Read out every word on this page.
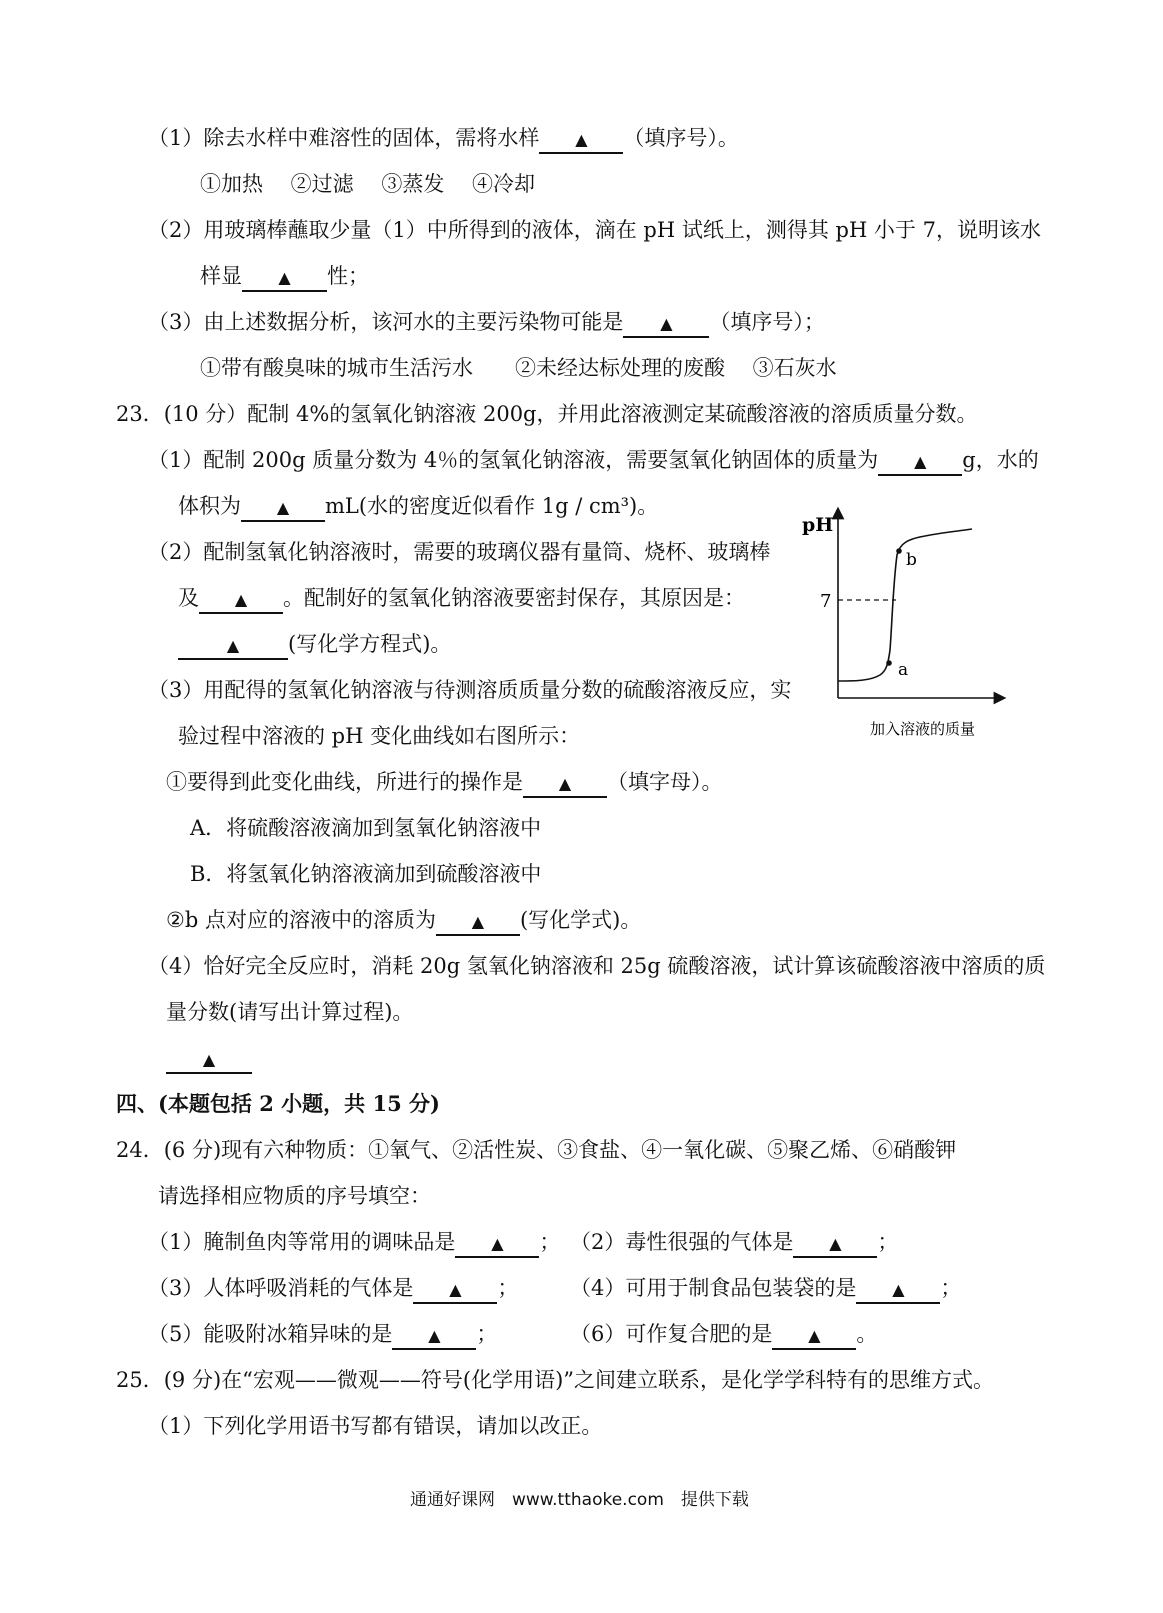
（1）除去水样中难溶性的固体，需将水样 ▲ （填序号）。
①加热　 ②过滤　 ③蒸发　 ④冷却
（2）用玻璃棒蘸取少量（1）中所得到的液体，滴在 pH 试纸上，测得其 pH 小于 7，说明该水
样显 ▲ 性；
（3）由上述数据分析，该河水的主要污染物可能是 ▲ （填序号）；
①带有酸臭味的城市生活污水　　②未经达标处理的废酸　 ③石灰水
23．(10 分）配制 4%的氢氧化钠溶液 200g，并用此溶液测定某硫酸溶液的溶质质量分数。
（1）配制 200g 质量分数为 4％的氢氧化钠溶液，需要氢氧化钠固体的质量为 ▲ g，水的
体积为 ▲ mL(水的密度近似看作 1g / cm³)。
（2）配制氢氧化钠溶液时，需要的玻璃仪器有量筒、烧杯、玻璃棒
及 ▲ 。配制好的氢氧化钠溶液要密封保存，其原因是：
▲ (写化学方程式)。
（3）用配得的氢氧化钠溶液与待测溶质质量分数的硫酸溶液反应，实
验过程中溶液的 pH 变化曲线如右图所示：
①要得到此变化曲线，所进行的操作是 ▲ （填字母）。
A．将硫酸溶液滴加到氢氧化钠溶液中
B．将氢氧化钠溶液滴加到硫酸溶液中
②b 点对应的溶液中的溶质为 ▲ (写化学式)。
（4）恰好完全反应时，消耗 20g 氢氧化钠溶液和 25g 硫酸溶液，试计算该硫酸溶液中溶质的质
量分数(请写出计算过程)。
▲
pH
7
a
b
加入溶液的质量
四、(本题包括 2 小题，共 15 分)
24．(6 分)现有六种物质：①氧气、②活性炭、③食盐、④一氧化碳、⑤聚乙烯、⑥硝酸钾
请选择相应物质的序号填空：
（1）腌制鱼肉等常用的调味品是 ▲ ； （2）毒性很强的气体是 ▲ ；
（3）人体呼吸消耗的气体是 ▲ ； （4）可用于制食品包装袋的是 ▲ ；
（5）能吸附冰箱异味的是 ▲ ；	（6）可作复合肥的是 ▲ 。
25．(9 分)在“宏观——微观——符号(化学用语)”之间建立联系，是化学学科特有的思维方式。
（1）下列化学用语书写都有错误，请加以改正。
通通好课网　www.tthaoke.com　提供下载
